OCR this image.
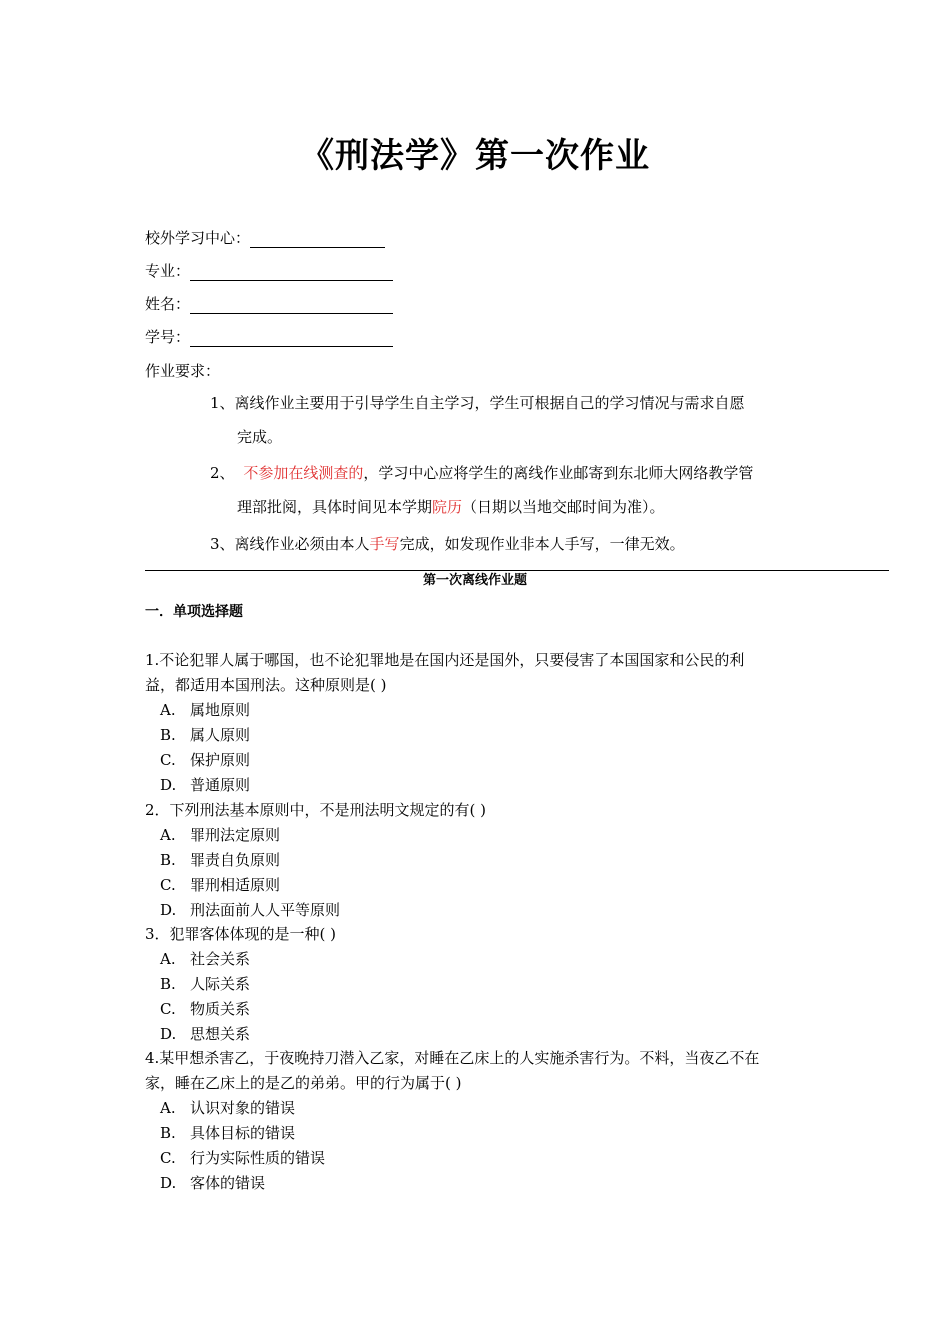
《刑法学》第一次作业
校外学习中心：
专业：
姓名：
学号：
作业要求：
1、离线作业主要用于引导学生自主学习，学生可根据自己的学习情况与需求自愿
完成。
2、 不参加在线测查的，学习中心应将学生的离线作业邮寄到东北师大网络教学管
理部批阅，具体时间见本学期院历（日期以当地交邮时间为准）。
3、离线作业必须由本人手写完成，如发现作业非本人手写，一律无效。
第一次离线作业题
一．单项选择题
1.不论犯罪人属于哪国，也不论犯罪地是在国内还是国外，只要侵害了本国国家和公民的利
益，都适用本国刑法。这种原则是( )
A. 属地原则
B. 属人原则
C. 保护原则
D. 普通原则
2．下列刑法基本原则中，不是刑法明文规定的有( )
A. 罪刑法定原则
B. 罪责自负原则
C. 罪刑相适原则
D. 刑法面前人人平等原则
3．犯罪客体体现的是一种( )
A. 社会关系
B. 人际关系
C. 物质关系
D. 思想关系
4.某甲想杀害乙，于夜晚持刀潜入乙家，对睡在乙床上的人实施杀害行为。不料，当夜乙不在
家，睡在乙床上的是乙的弟弟。甲的行为属于( )
A. 认识对象的错误
B. 具体目标的错误
C. 行为实际性质的错误
D. 客体的错误
